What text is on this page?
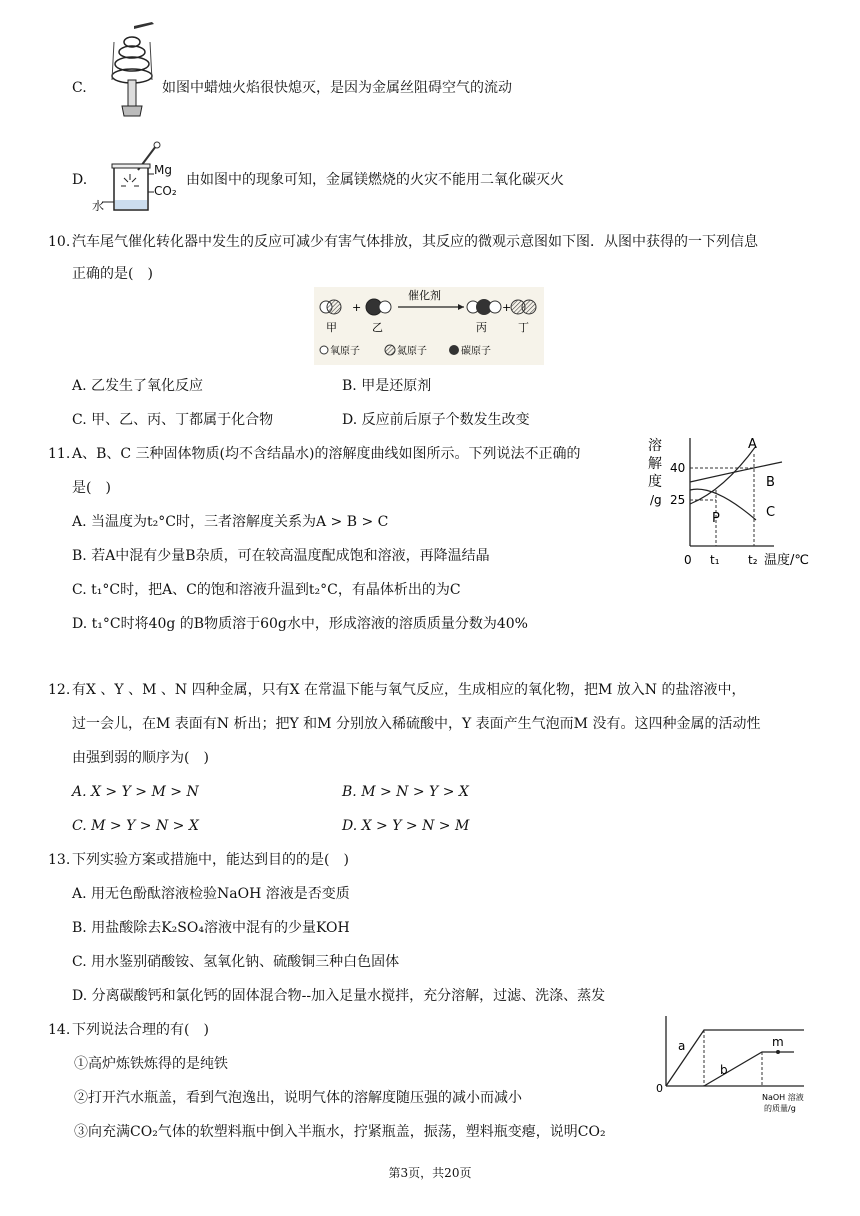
C.	如图中蜡烛火焰很快熄灭，是因为金属丝阻碍空气的流动
D.
Mg
CO₂
水
由如图中的现象可知，金属镁燃烧的火灾不能用二氧化碳灭火
10. 汽车尾气催化转化器中发生的反应可减少有害气体排放，其反应的微观示意图如下图．从图中获得的一下列信息
正确的是(　)
+
催化剂
+
甲	乙	丙	丁
氧原子	氮原子	碳原子
A. 乙发生了氧化反应	B. 甲是还原剂
C. 甲、乙、丙、丁都属于化合物	D. 反应前后原子个数发生改变
11. A、B、C 三种固体物质(均不含结晶水)的溶解度曲线如图所示。下列说法不正确的
是(　)
A. 当温度为t₂°C时，三者溶解度关系为A > B > C
B. 若A中混有少量B杂质，可在较高温度配成饱和溶液，再降温结晶
C. t₁°C时，把A、C的饱和溶液升温到t₂°C，有晶体析出的为C
D. t₁°C时将40g 的B物质溶于60g水中，形成溶液的溶质质量分数为40%
溶
解
度
/g
40
25
A
B
C
P
0 t₁ t₂ 温度/℃
12. 有X 、Y 、M 、N 四种金属，只有X 在常温下能与氧气反应，生成相应的氧化物，把M 放入N 的盐溶液中，
过一会儿，在M 表面有N 析出；把Y 和M 分别放入稀硫酸中，Y 表面产生气泡而M 没有。这四种金属的活动性
由强到弱的顺序为(　)
A. X > Y > M > N	B. M > N > Y > X
C. M > Y > N > X	D. X > Y > N > M
13. 下列实验方案或措施中，能达到目的的是(　)
A. 用无色酚酞溶液检验NaOH 溶液是否变质
B. 用盐酸除去K₂SO₄溶液中混有的少量KOH
C. 用水鉴别硝酸铵、氢氧化钠、硫酸铜三种白色固体
D. 分离碳酸钙和氯化钙的固体混合物--加入足量水搅拌，充分溶解，过滤、洗涤、蒸发
14. 下列说法合理的有(　)
①高炉炼铁炼得的是纯铁
②打开汽水瓶盖，看到气泡逸出，说明气体的溶解度随压强的减小而减小
③向充满CO₂气体的软塑料瓶中倒入半瓶水，拧紧瓶盖，振荡，塑料瓶变瘪，说明CO₂
a
b
m
0
NaOH 溶液
的质量/g
第3页，共20页
